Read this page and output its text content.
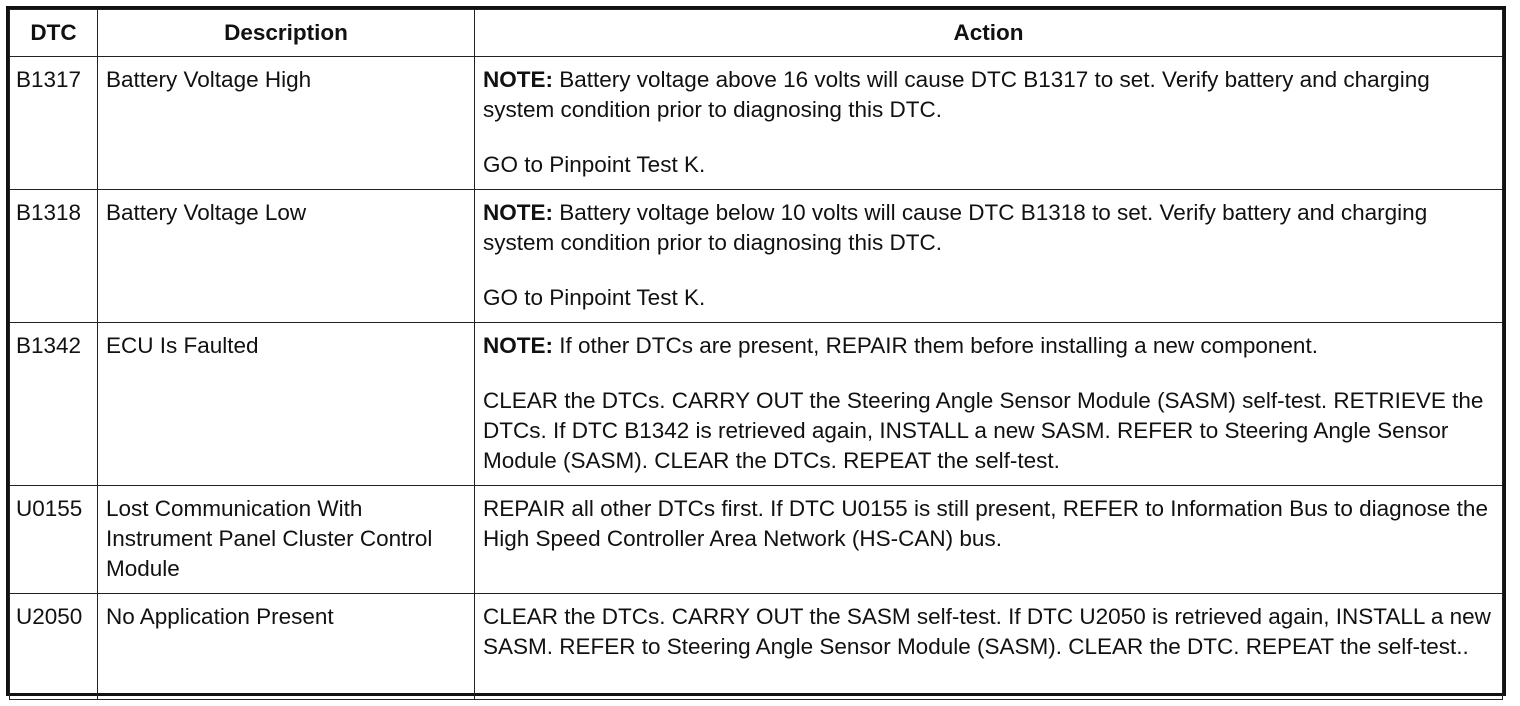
DTC	Description	Action
B1317	Battery Voltage High	NOTE: Battery voltage above 16 volts will cause DTC B1317 to set. Verify battery and charging system condition prior to diagnosing this DTC.
GO to Pinpoint Test K.

B1318	Battery Voltage Low	NOTE: Battery voltage below 10 volts will cause DTC B1318 to set. Verify battery and charging system condition prior to diagnosing this DTC.
GO to Pinpoint Test K.

B1342	ECU Is Faulted	NOTE: If other DTCs are present, REPAIR them before installing a new component.
CLEAR the DTCs. CARRY OUT the Steering Angle Sensor Module (SASM) self-test. RETRIEVE the DTCs. If DTC B1342 is retrieved again, INSTALL a new SASM. REFER to Steering Angle Sensor Module (SASM). CLEAR the DTCs. REPEAT the self-test.

U0155	Lost Communication With Instrument Panel Cluster Control Module	REPAIR all other DTCs first. If DTC U0155 is still present, REFER to Information Bus to diagnose the High Speed Controller Area Network (HS-CAN) bus.

U2050	No Application Present	CLEAR the DTCs. CARRY OUT the SASM self-test. If DTC U2050 is retrieved again, INSTALL a new SASM. REFER to Steering Angle Sensor Module (SASM). CLEAR the DTC. REPEAT the self-test..
